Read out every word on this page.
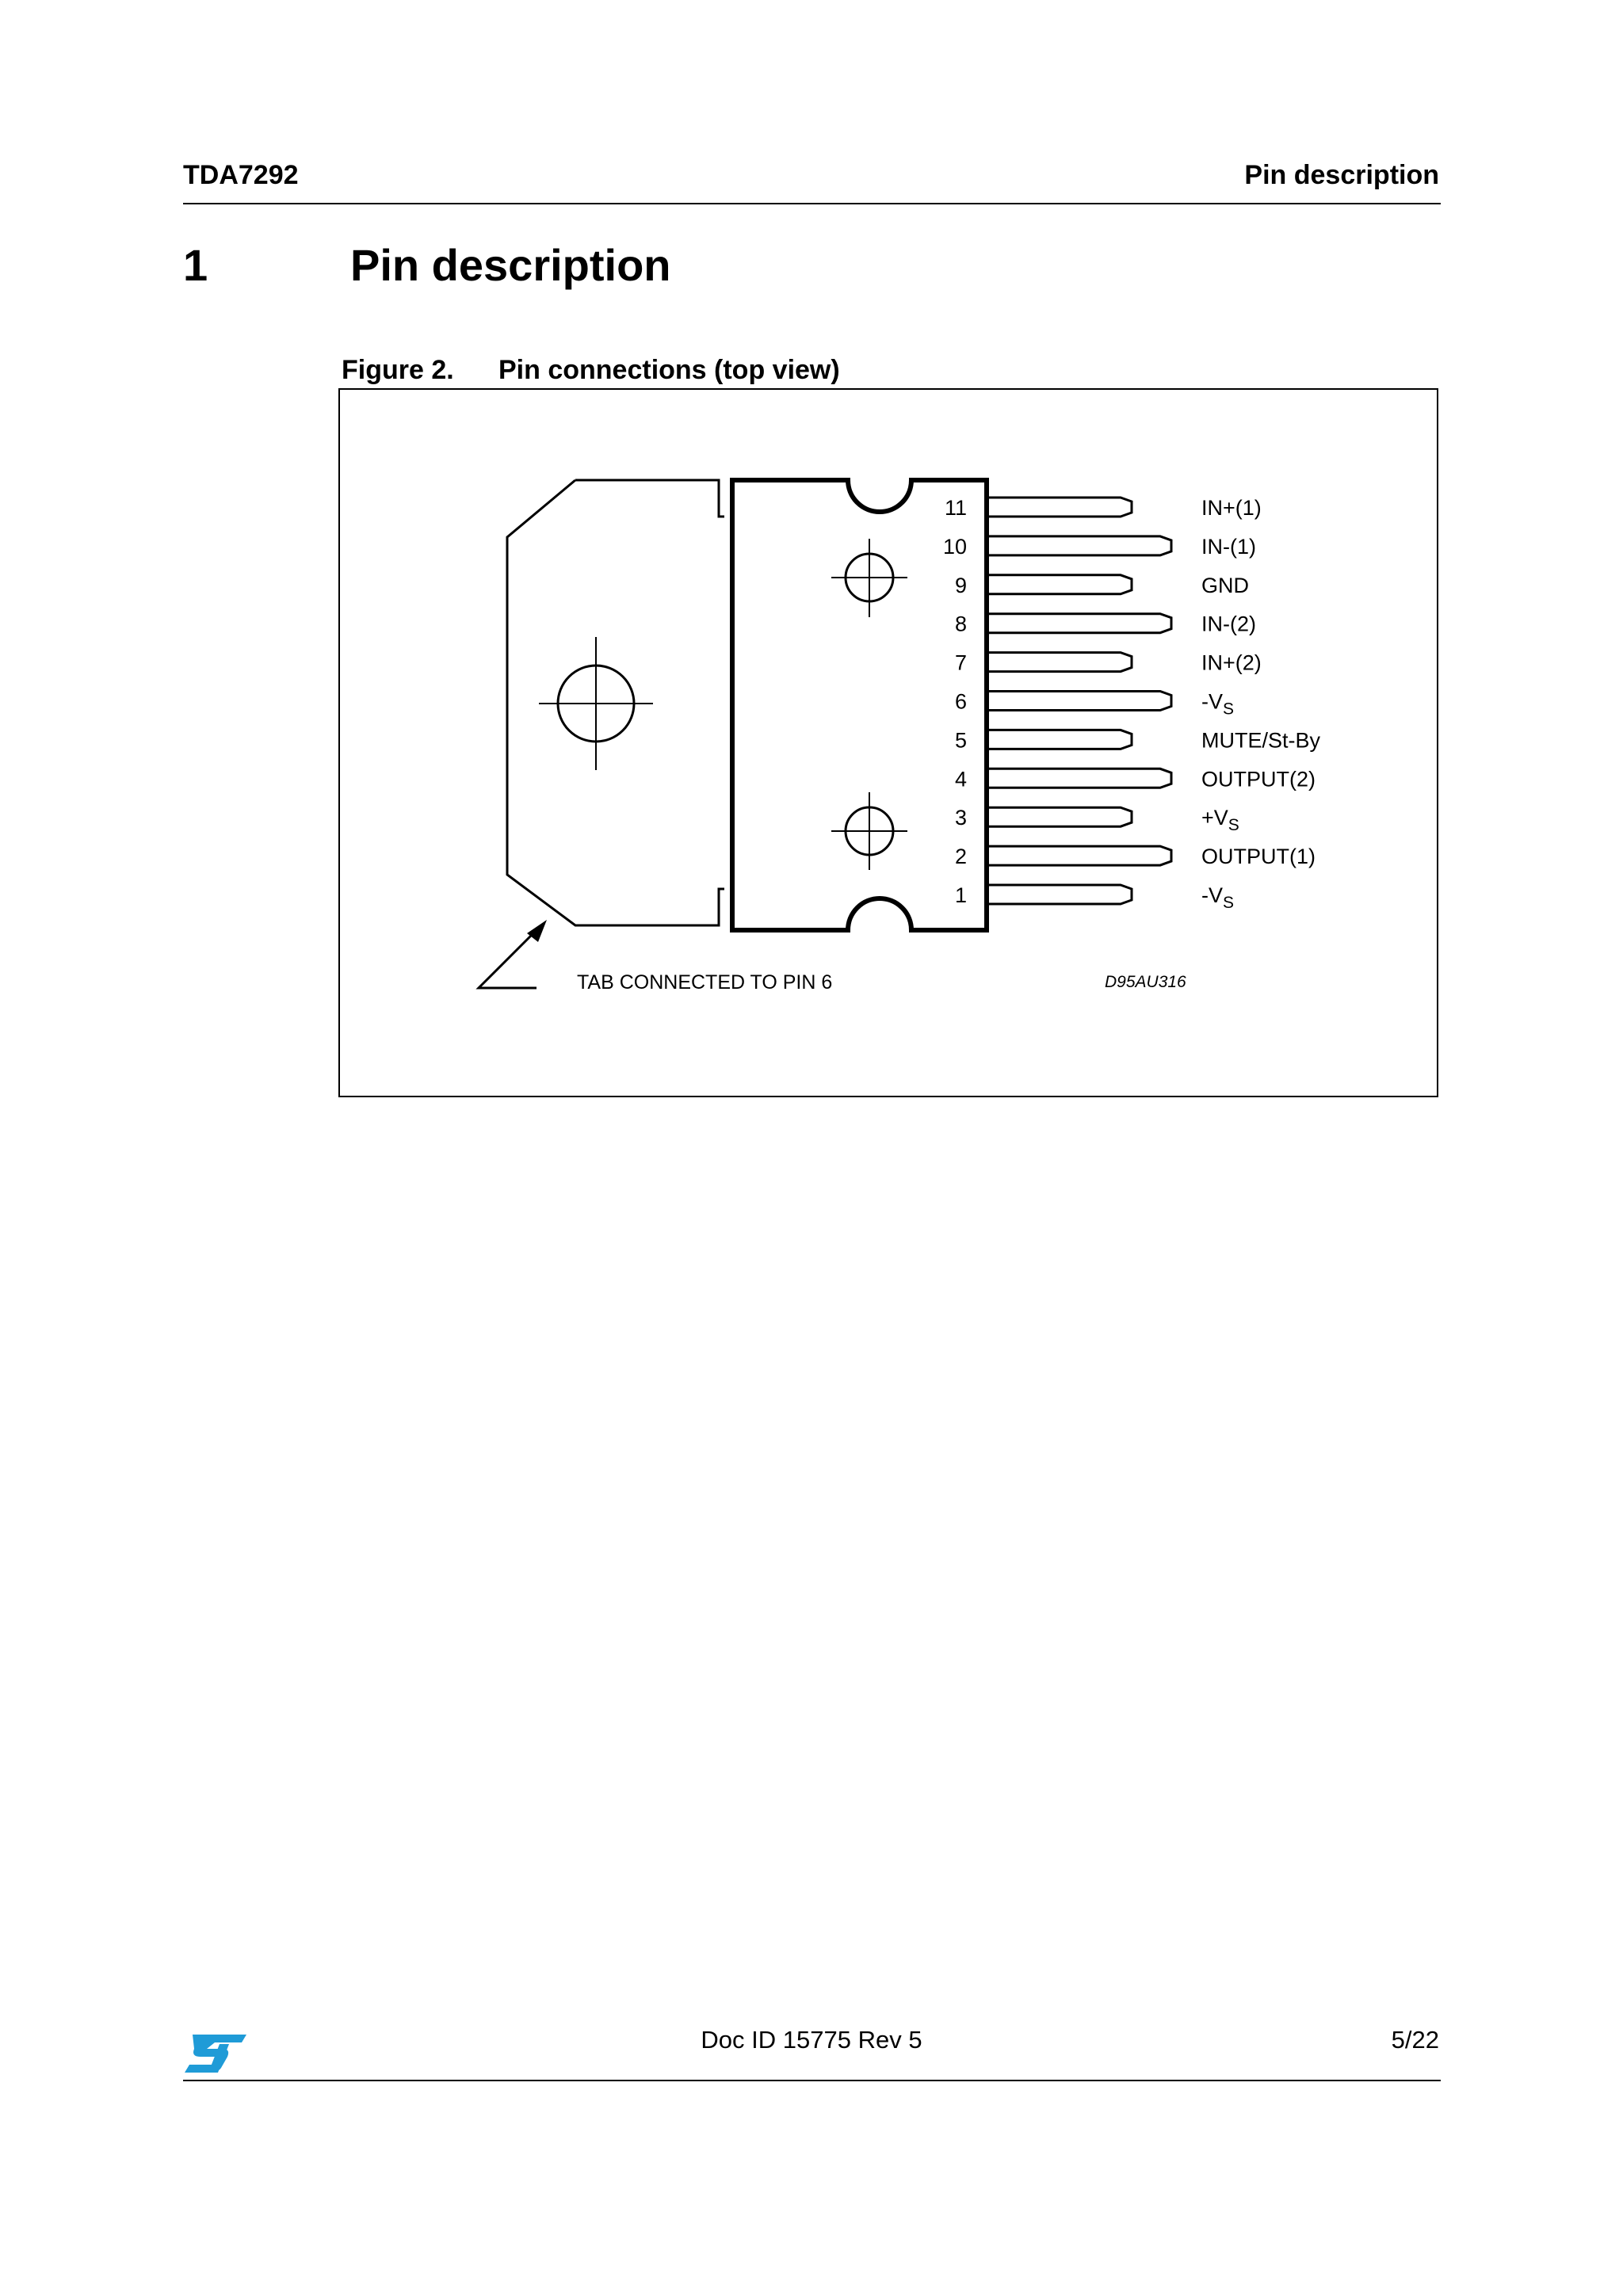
TDA7292	Pin description
1	Pin description
Figure 2. Pin connections (top view)
11	IN+(1)
10	IN-(1)
9	GND
8	IN-(2)
7	IN+(2)
6	$-V_S$
5	MUTE/St-By
4	OUTPUT(2)
3	$+V_S$
2	OUTPUT(1)
1	$-V_S$
TAB CONNECTED TO PIN 6	D95AU316
Doc ID 15775 Rev 5	5/22
